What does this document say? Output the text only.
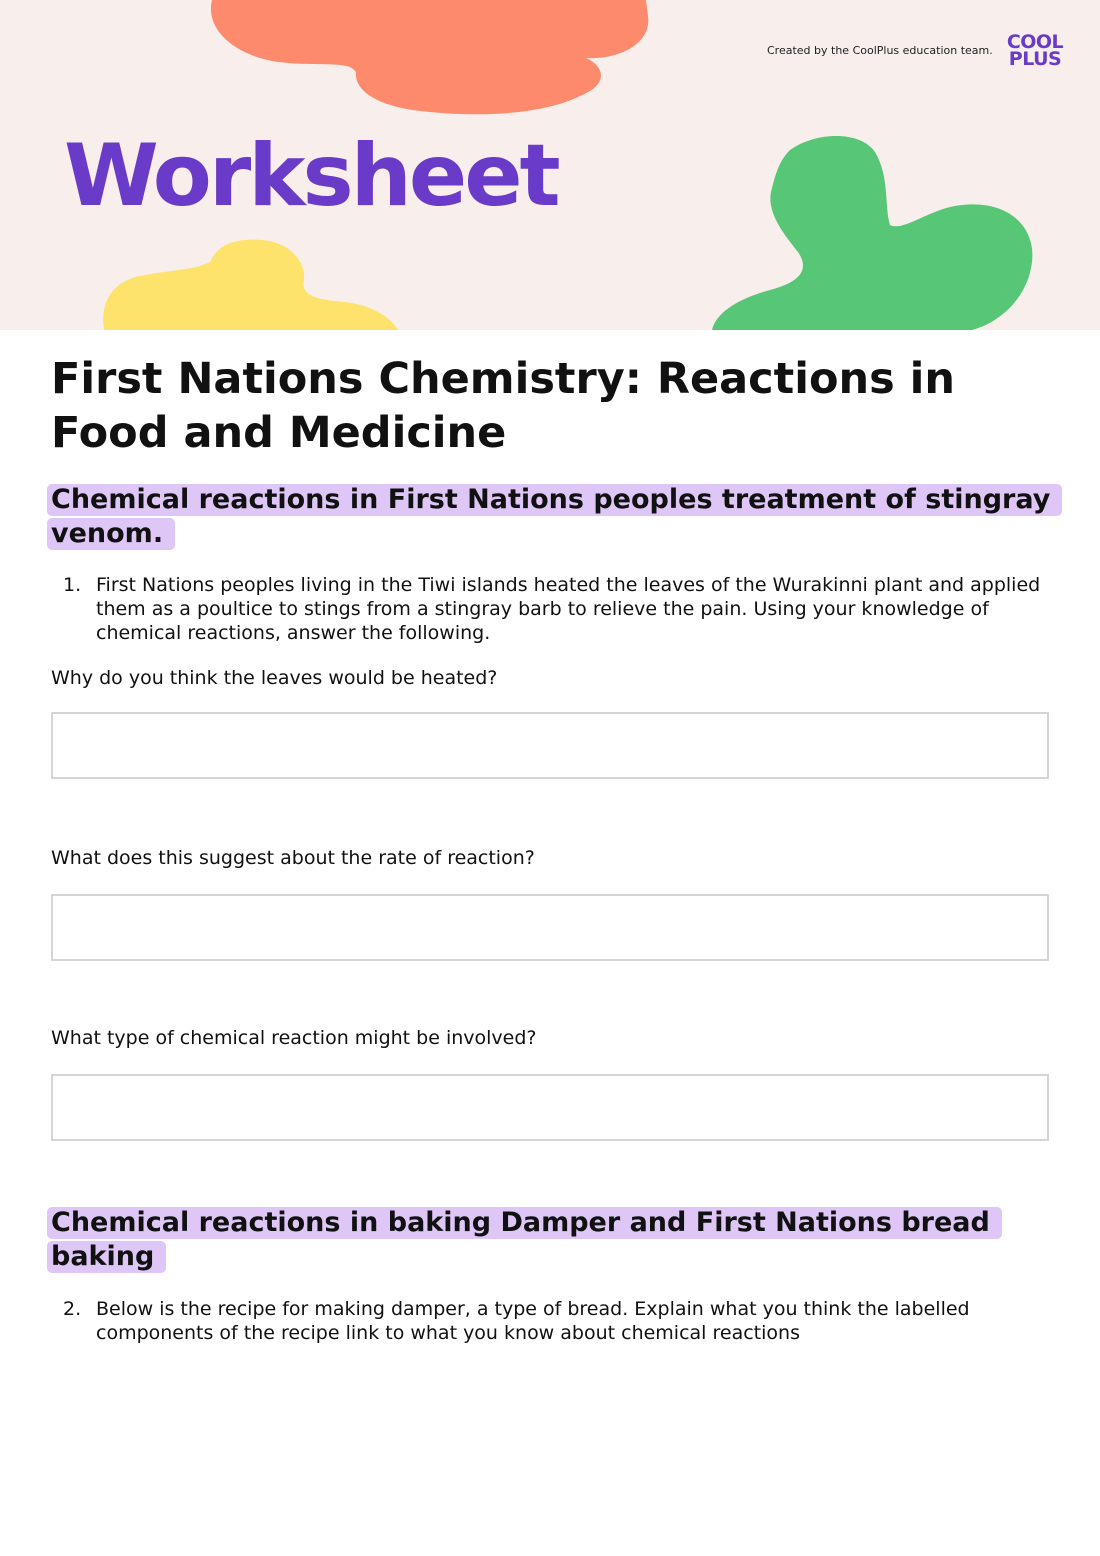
Created by the CoolPlus education team. COOL
PLUS
Worksheet
First Nations Chemistry: Reactions in Food and Medicine
Chemical reactions in First Nations peoples treatment of stingray venom.
1. First Nations peoples living in the Tiwi islands heated the leaves of the Wurakinni plant and applied them as a poultice to stings from a stingray barb to relieve the pain. Using your knowledge of chemical reactions, answer the following.

Why do you think the leaves would be heated?

What does this suggest about the rate of reaction?

What type of chemical reaction might be involved?

Chemical reactions in baking Damper and First Nations bread baking
2. Below is the recipe for making damper, a type of bread. Explain what you think the labelled components of the recipe link to what you know about chemical reactions
